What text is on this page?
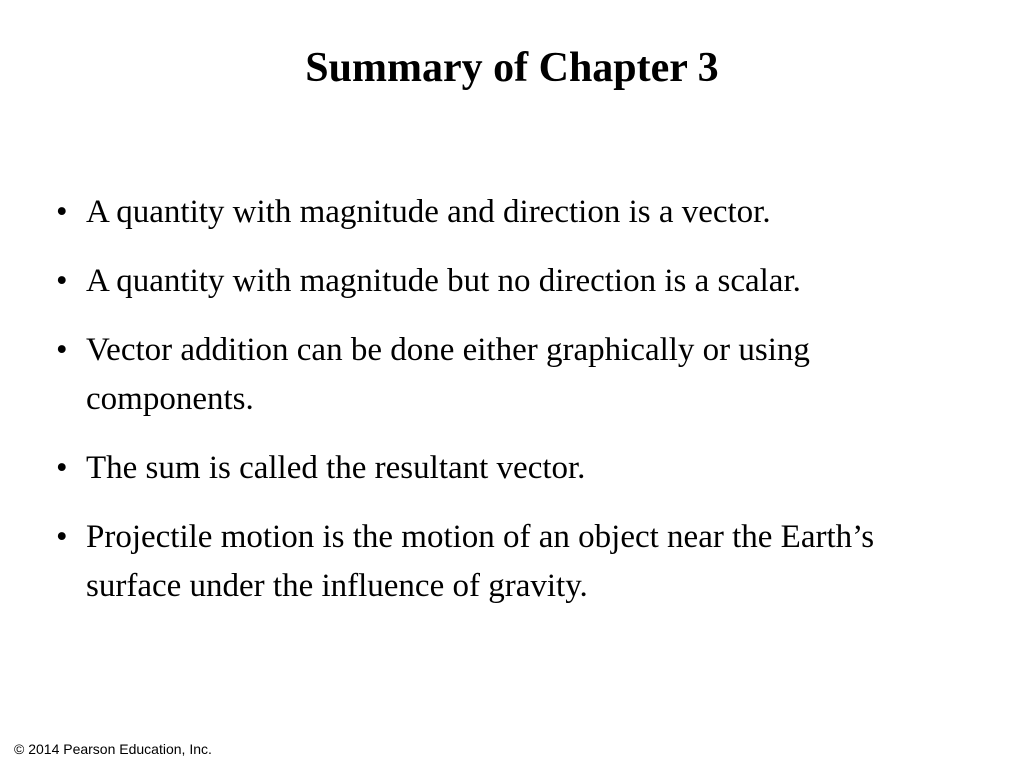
Summary of Chapter 3
• A quantity with magnitude and direction is a vector.
• A quantity with magnitude but no direction is a scalar.
• Vector addition can be done either graphically or using components.
• The sum is called the resultant vector.
• Projectile motion is the motion of an object near the Earth’s surface under the influence of gravity.
© 2014 Pearson Education, Inc.
